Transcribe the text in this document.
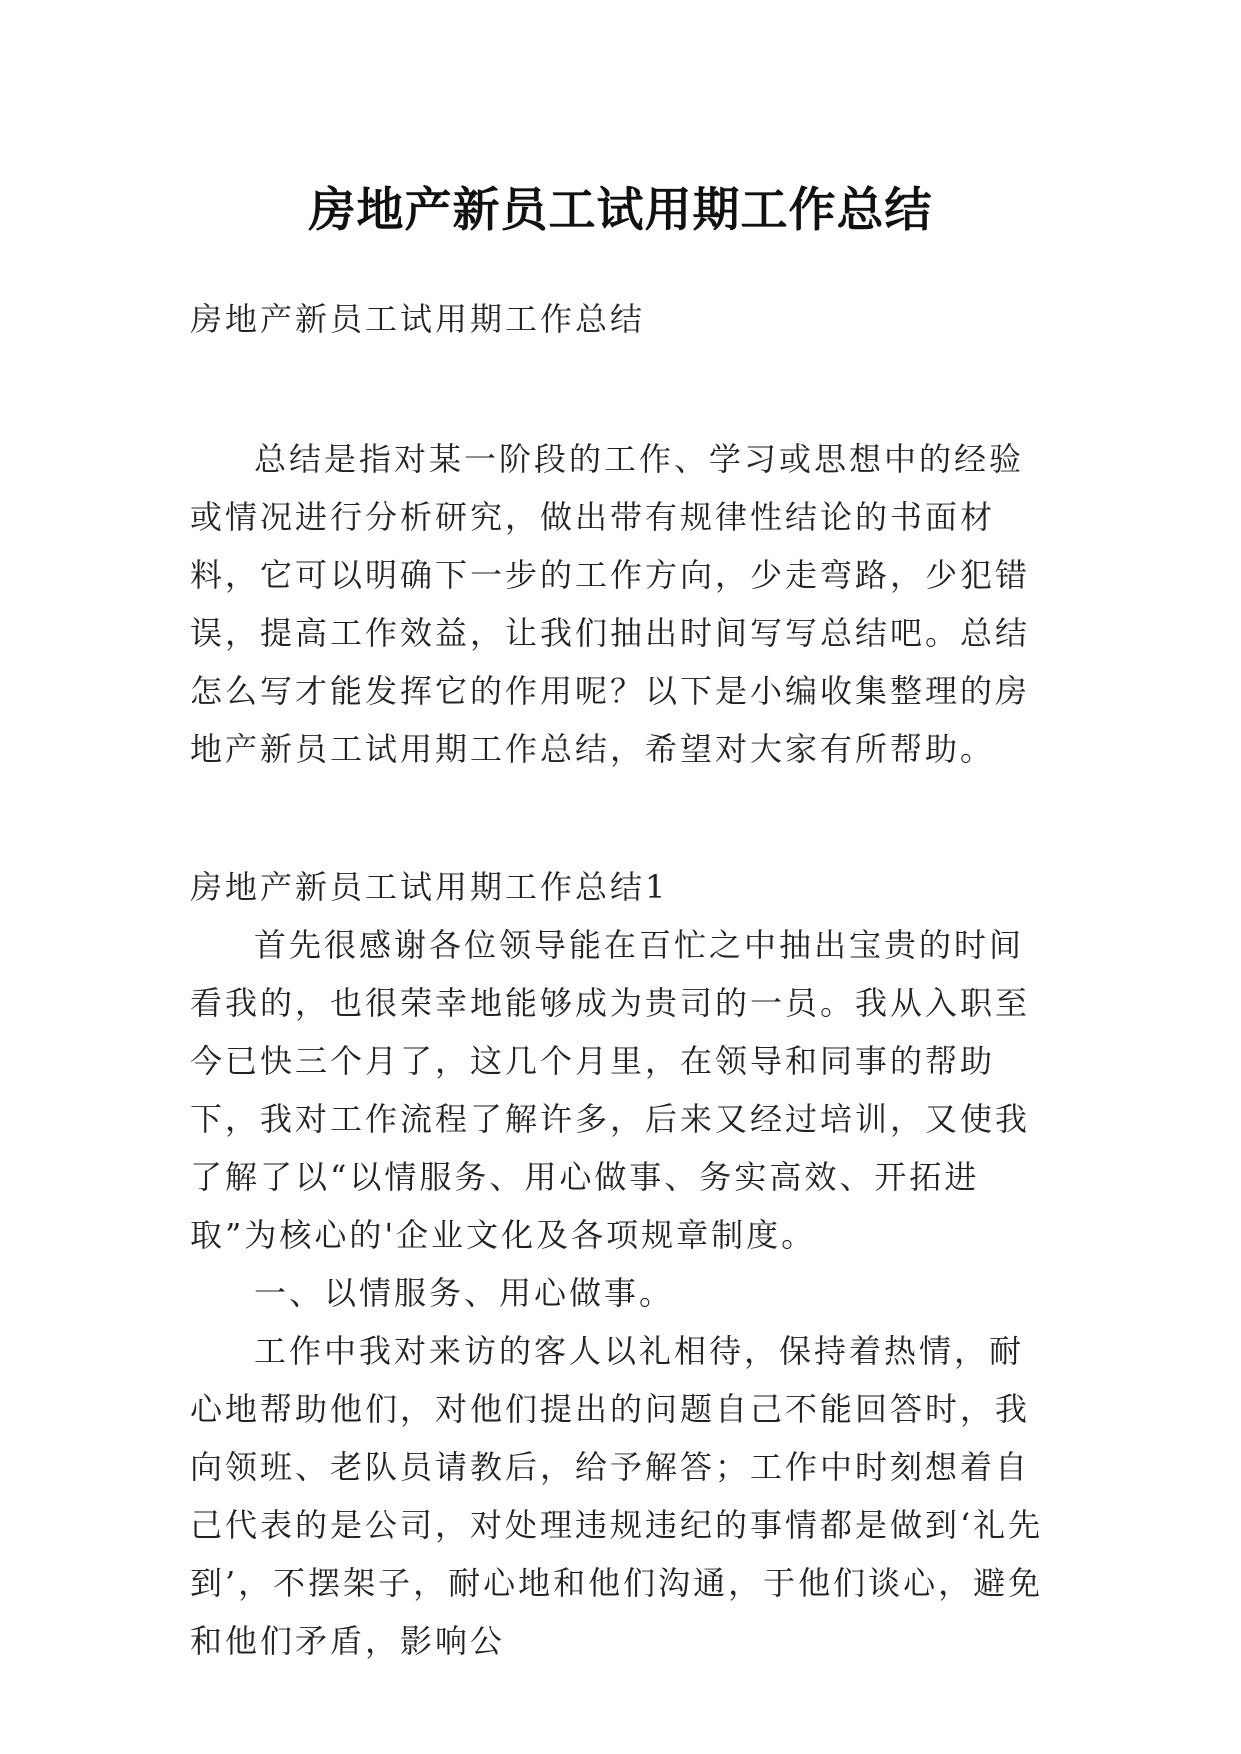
房地产新员工试用期工作总结

房地产新员工试用期工作总结

总结是指对某一阶段的工作、学习或思想中的经验或情况进行分析研究，做出带有规律性结论的书面材料，它可以明确下一步的工作方向，少走弯路，少犯错误，提高工作效益，让我们抽出时间写写总结吧。总结怎么写才能发挥它的作用呢？以下是小编收集整理的房地产新员工试用期工作总结，希望对大家有所帮助。

房地产新员工试用期工作总结1

首先很感谢各位领导能在百忙之中抽出宝贵的时间看我的，也很荣幸地能够成为贵司的一员。我从入职至今已快三个月了，这几个月里，在领导和同事的帮助下，我对工作流程了解许多，后来又经过培训，又使我了解了以“以情服务、用心做事、务实高效、开拓进取”为核心的'企业文化及各项规章制度。

一、以情服务、用心做事。

工作中我对来访的客人以礼相待，保持着热情，耐心地帮助他们，对他们提出的问题自己不能回答时，我向领班、老队员请教后，给予解答；工作中时刻想着自己代表的是公司，对处理违规违纪的事情都是做到‘礼先到’，不摆架子，耐心地和他们沟通，于他们谈心，避免和他们矛盾，影响公
